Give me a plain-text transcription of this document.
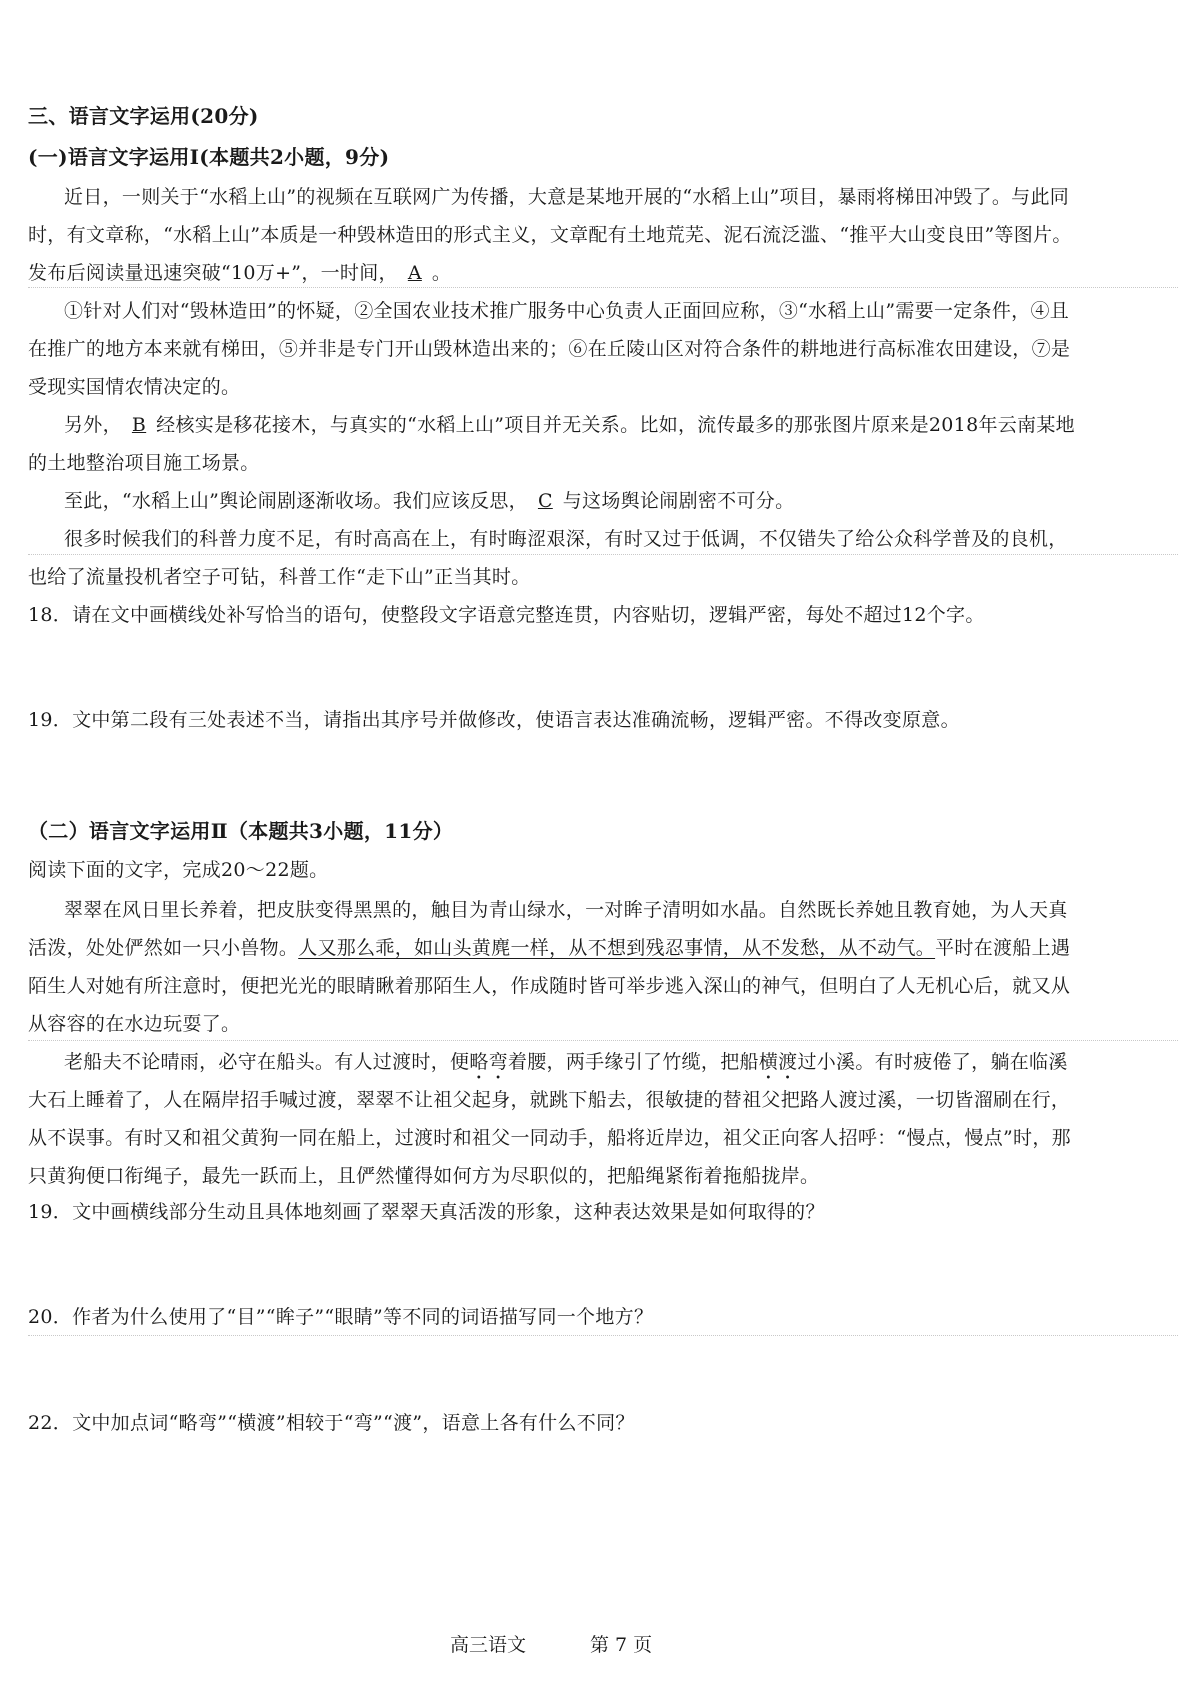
三、语言文字运用(20分)
(一)语言文字运用Ⅰ(本题共2小题，9分)
近日，一则关于“水稻上山”的视频在互联网广为传播，大意是某地开展的“水稻上山”项目，暴雨将梯田冲毁了。与此同
时，有文章称，“水稻上山”本质是一种毁林造田的形式主义，文章配有土地荒芜、泥石流泛滥、“推平大山变良田”等图片。
发布后阅读量迅速突破“10万+”，一时间， A 。
①针对人们对“毁林造田”的怀疑，②全国农业技术推广服务中心负责人正面回应称，③“水稻上山”需要一定条件，④且
在推广的地方本来就有梯田，⑤并非是专门开山毁林造出来的；⑥在丘陵山区对符合条件的耕地进行高标准农田建设，⑦是
受现实国情农情决定的。
另外， B 经核实是移花接木，与真实的“水稻上山”项目并无关系。比如，流传最多的那张图片原来是2018年云南某地
的土地整治项目施工场景。
至此，“水稻上山”舆论闹剧逐渐收场。我们应该反思， C 与这场舆论闹剧密不可分。
很多时候我们的科普力度不足，有时高高在上，有时晦涩艰深，有时又过于低调，不仅错失了给公众科学普及的良机，
也给了流量投机者空子可钻，科普工作“走下山”正当其时。
18．请在文中画横线处补写恰当的语句，使整段文字语意完整连贯，内容贴切，逻辑严密，每处不超过12个字。
19．文中第二段有三处表述不当，请指出其序号并做修改，使语言表达准确流畅，逻辑严密。不得改变原意。
（二）语言文字运用Ⅱ（本题共3小题，11分）
阅读下面的文字，完成20～22题。
翠翠在风日里长养着，把皮肤变得黑黑的，触目为青山绿水，一对眸子清明如水晶。自然既长养她且教育她，为人天真
活泼，处处俨然如一只小兽物。人又那么乖，如山头黄麂一样，从不想到残忍事情，从不发愁，从不动气。平时在渡船上遇
陌生人对她有所注意时，便把光光的眼睛瞅着那陌生人，作成随时皆可举步逃入深山的神气，但明白了人无机心后，就又从
从容容的在水边玩耍了。
老船夫不论晴雨，必守在船头。有人过渡时，便略弯着腰，两手缘引了竹缆，把船横渡过小溪。有时疲倦了，躺在临溪
大石上睡着了，人在隔岸招手喊过渡，翠翠不让祖父起身，就跳下船去，很敏捷的替祖父把路人渡过溪，一切皆溜刷在行，
从不误事。有时又和祖父黄狗一同在船上，过渡时和祖父一同动手，船将近岸边，祖父正向客人招呼：“慢点，慢点”时，那
只黄狗便口衔绳子，最先一跃而上，且俨然懂得如何方为尽职似的，把船绳紧衔着拖船拢岸。
19．文中画横线部分生动且具体地刻画了翠翠天真活泼的形象，这种表达效果是如何取得的？
20．作者为什么使用了“目”“眸子”“眼睛”等不同的词语描写同一个地方？
22．文中加点词“略弯”“横渡”相较于“弯”“渡”，语意上各有什么不同？
高三语文	第 7 页
